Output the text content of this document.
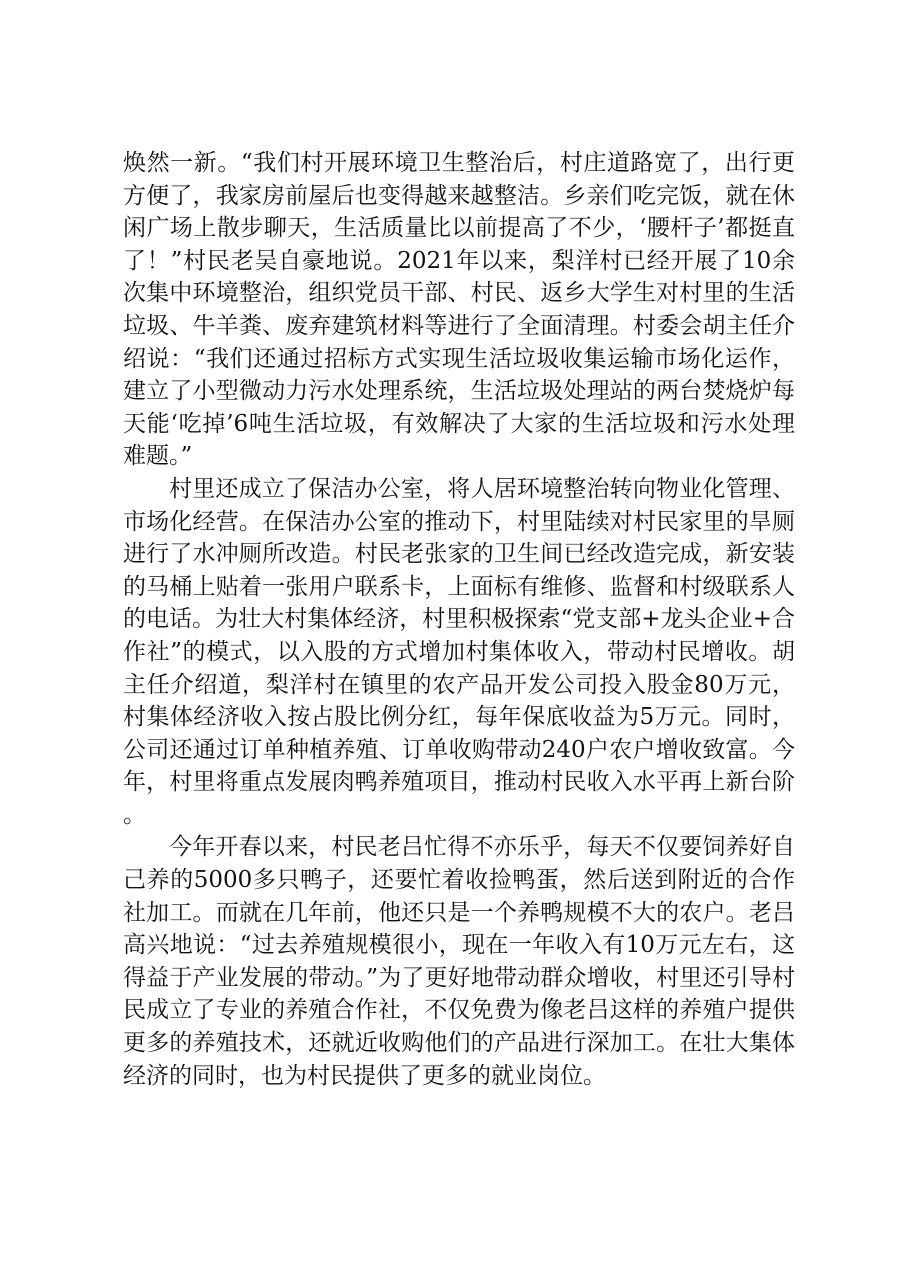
焕然一新。“我们村开展环境卫生整治后，村庄道路宽了，出行更方便了，我家房前屋后也变得越来越整洁。乡亲们吃完饭，就在休闲广场上散步聊天，生活质量比以前提高了不少，‘腰杆子’都挺直了！”村民老吴自豪地说。2021年以来，梨洋村已经开展了10余次集中环境整治，组织党员干部、村民、返乡大学生对村里的生活垃圾、牛羊粪、废弃建筑材料等进行了全面清理。村委会胡主任介绍说：“我们还通过招标方式实现生活垃圾收集运输市场化运作，建立了小型微动力污水处理系统，生活垃圾处理站的两台焚烧炉每天能‘吃掉’6吨生活垃圾，有效解决了大家的生活垃圾和污水处理难题。”

村里还成立了保洁办公室，将人居环境整治转向物业化管理、市场化经营。在保洁办公室的推动下，村里陆续对村民家里的旱厕进行了水冲厕所改造。村民老张家的卫生间已经改造完成，新安装的马桶上贴着一张用户联系卡，上面标有维修、监督和村级联系人的电话。为壮大村集体经济，村里积极探索“党支部+龙头企业+合作社”的模式，以入股的方式增加村集体收入，带动村民增收。胡主任介绍道，梨洋村在镇里的农产品开发公司投入股金80万元，村集体经济收入按占股比例分红，每年保底收益为5万元。同时，公司还通过订单种植养殖、订单收购带动240户农户增收致富。今年，村里将重点发展肉鸭养殖项目，推动村民收入水平再上新台阶。

今年开春以来，村民老吕忙得不亦乐乎，每天不仅要饲养好自己养的5000多只鸭子，还要忙着收捡鸭蛋，然后送到附近的合作社加工。而就在几年前，他还只是一个养鸭规模不大的农户。老吕高兴地说：“过去养殖规模很小，现在一年收入有10万元左右，这得益于产业发展的带动。”为了更好地带动群众增收，村里还引导村民成立了专业的养殖合作社，不仅免费为像老吕这样的养殖户提供更多的养殖技术，还就近收购他们的产品进行深加工。在壮大集体经济的同时，也为村民提供了更多的就业岗位。
